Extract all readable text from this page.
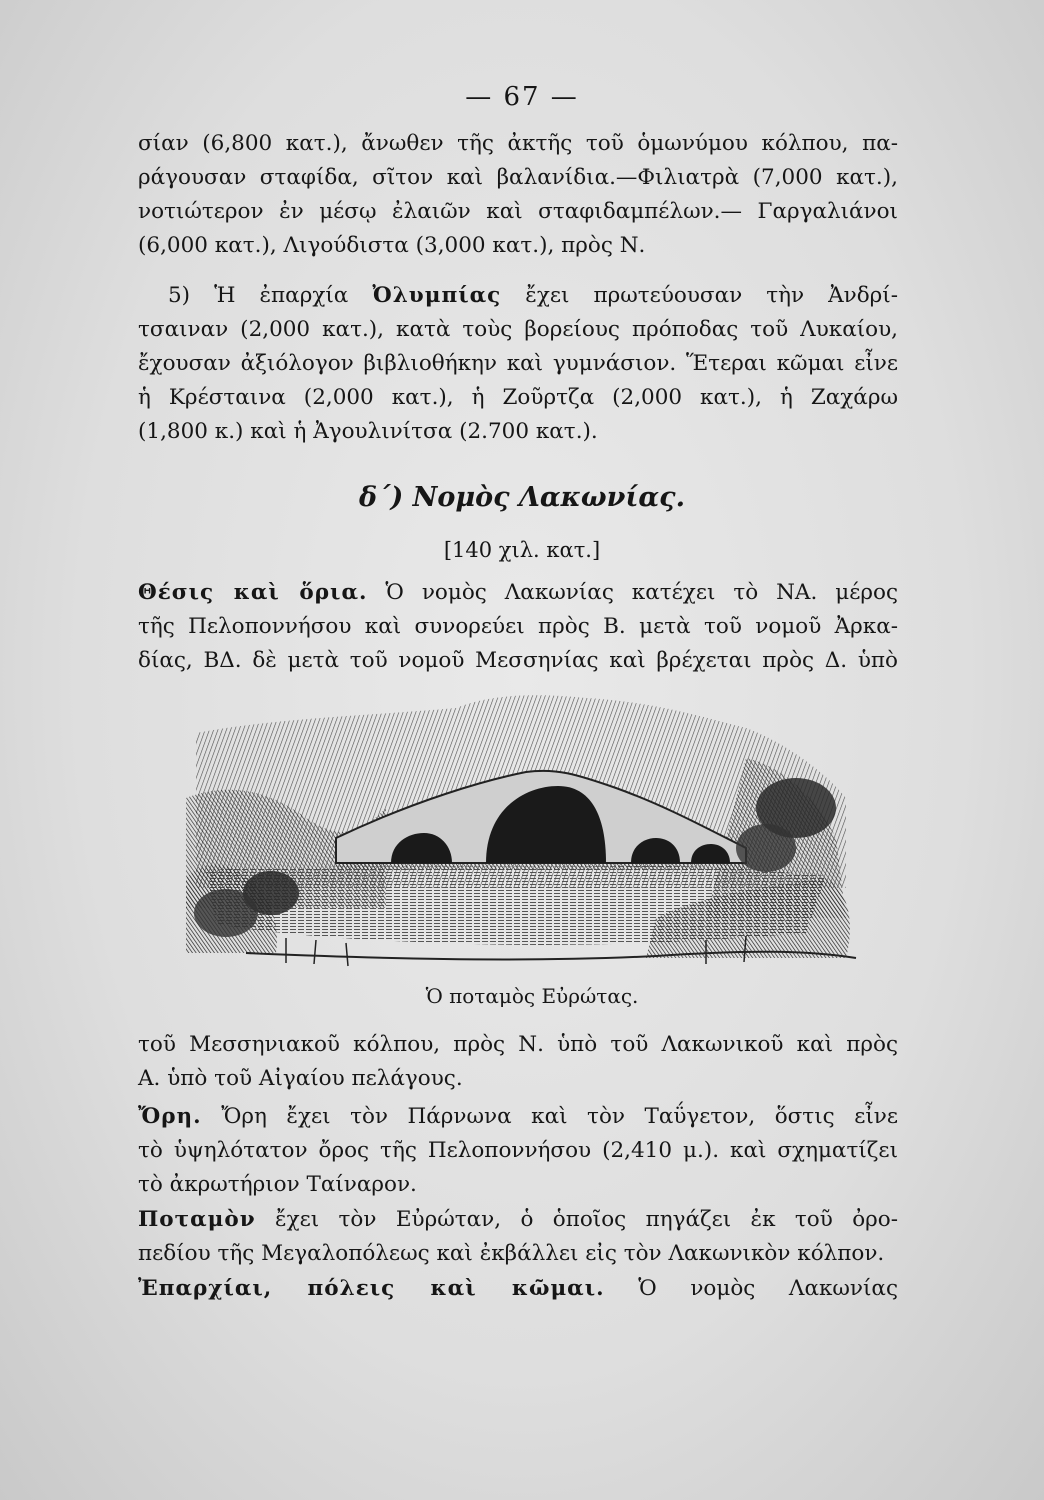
— 67 —
σίαν (6,800 κατ.), ἄνωθεν τῆς ἀκτῆς τοῦ ὁμωνύμου κόλπου, πα-
ράγουσαν σταφίδα, σῖτον καὶ βαλανίδια.—Φιλιατρὰ (7,000 κατ.),
νοτιώτερον ἐν μέσῳ ἐλαιῶν καὶ σταφιδαμπέλων.— Γαργαλιάνοι
(6,000 κατ.), Λιγούδιστα (3,000 κατ.), πρὸς Ν.
5) Ἡ ἐπαρχία Ὀλυμπίας ἔχει πρωτεύουσαν τὴν Ἀνδρί-
τσαιναν (2,000 κατ.), κατὰ τοὺς βορείους πρόποδας τοῦ Λυκαίου,
ἔχουσαν ἀξιόλογον βιβλιοθήκην καὶ γυμνάσιον. Ἕτεραι κῶμαι εἶνε
ἡ Κρέσταινα (2,000 κατ.), ἡ Ζοῦρτζα (2,000 κατ.), ἡ Ζαχάρω
(1,800 κ.) καὶ ἡ Ἀγουλινίτσα (2.700 κατ.).
δ΄) Νομὸς Λακωνίας.
[140 χιλ. κατ.]
Θέσις καὶ ὅρια. Ὁ νομὸς Λακωνίας κατέχει τὸ ΝΑ. μέρος
τῆς Πελοποννήσου καὶ συνορεύει πρὸς Β. μετὰ τοῦ νομοῦ Ἀρκα-
δίας, ΒΔ. δὲ μετὰ τοῦ νομοῦ Μεσσηνίας καὶ βρέχεται πρὸς Δ. ὑπὸ
Ὁ ποταμὸς Εὐρώτας.
τοῦ Μεσσηνιακοῦ κόλπου, πρὸς Ν. ὑπὸ τοῦ Λακωνικοῦ καὶ πρὸς
Α. ὑπὸ τοῦ Αἰγαίου πελάγους.
Ὄρη. Ὄρη ἔχει τὸν Πάρνωνα καὶ τὸν Ταΰγετον, ὅστις εἶνε
τὸ ὑψηλότατον ὄρος τῆς Πελοποννήσου (2,410 μ.). καὶ σχηματίζει
τὸ ἀκρωτήριον Ταίναρον.
Ποταμὸν ἔχει τὸν Εὐρώταν, ὁ ὁποῖος πηγάζει ἐκ τοῦ ὀρο-
πεδίου τῆς Μεγαλοπόλεως καὶ ἐκβάλλει εἰς τὸν Λακωνικὸν κόλπον.
Ἐπαρχίαι, πόλεις καὶ κῶμαι. Ὁ νομὸς Λακωνίας
